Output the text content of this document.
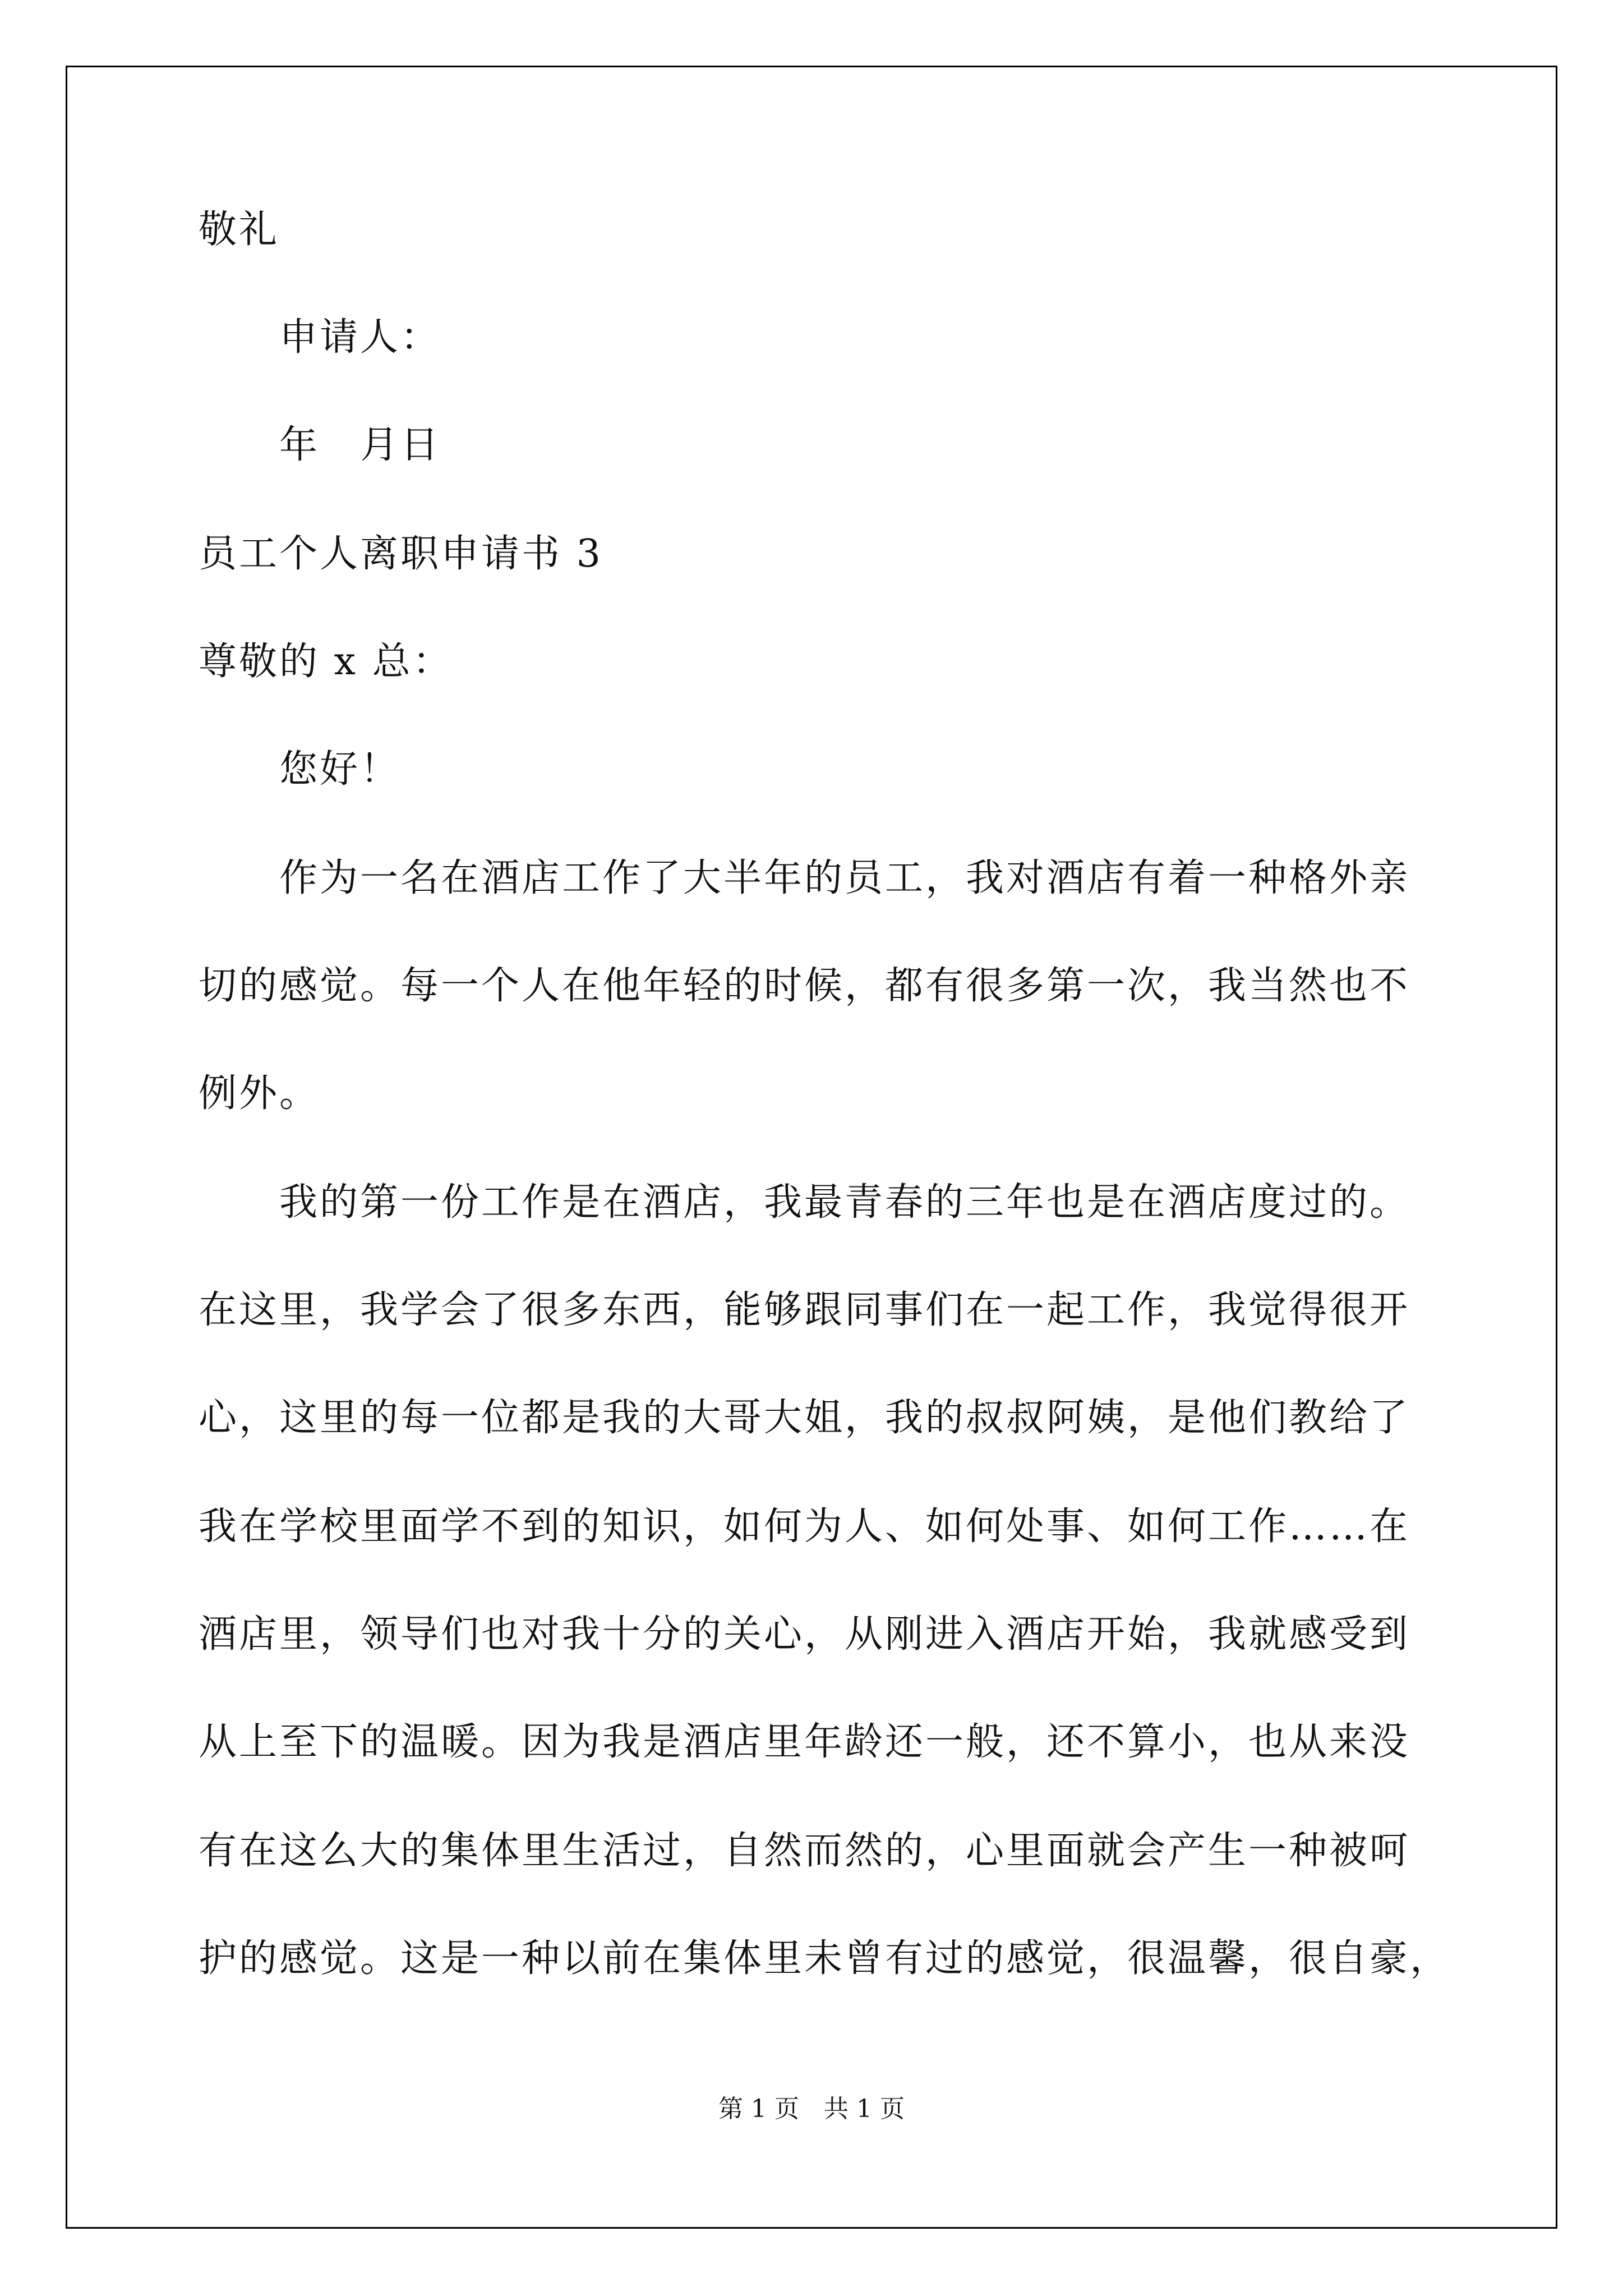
敬礼
申请人：
年　月日
员工个人离职申请书 3
尊敬的 x 总：
您好！
作为一名在酒店工作了大半年的员工，我对酒店有着一种格外亲
切的感觉。每一个人在他年轻的时候，都有很多第一次，我当然也不
例外。
我的第一份工作是在酒店，我最青春的三年也是在酒店度过的。
在这里，我学会了很多东西，能够跟同事们在一起工作，我觉得很开
心，这里的每一位都是我的大哥大姐，我的叔叔阿姨，是他们教给了
我在学校里面学不到的知识，如何为人、如何处事、如何工作……在
酒店里，领导们也对我十分的关心，从刚进入酒店开始，我就感受到
从上至下的温暖。因为我是酒店里年龄还一般，还不算小，也从来没
有在这么大的集体里生活过，自然而然的，心里面就会产生一种被呵
护的感觉。这是一种以前在集体里未曾有过的感觉，很温馨，很自豪，
第 1 页　共 1 页
